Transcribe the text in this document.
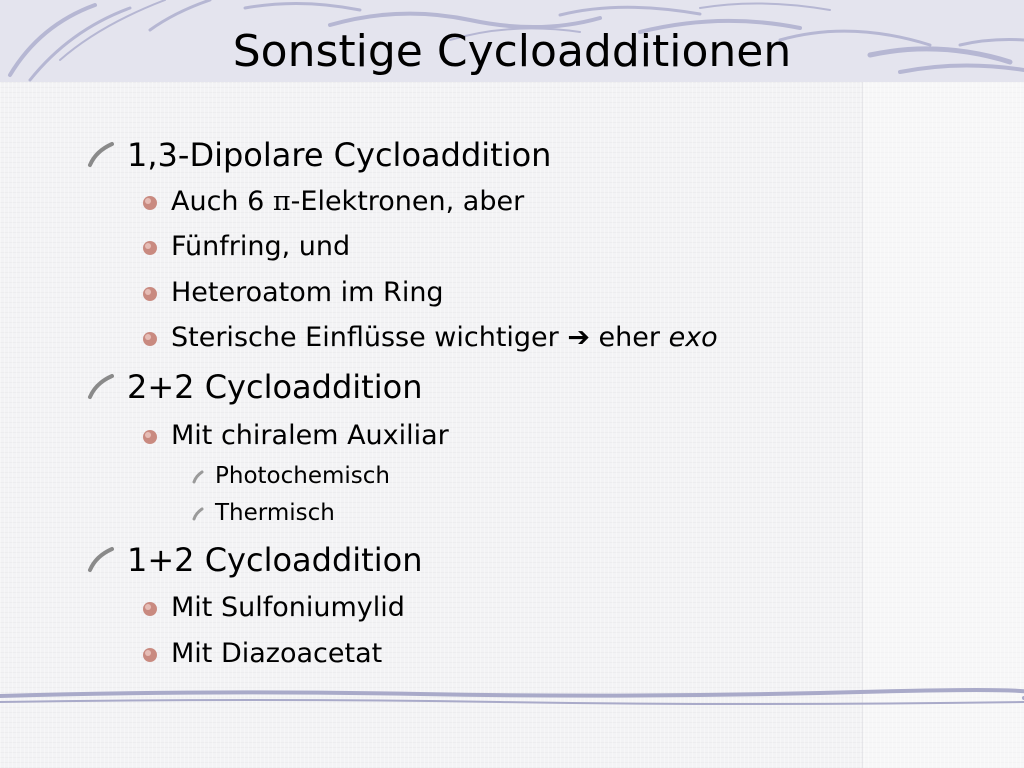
Sonstige Cycloadditionen
1,3-Dipolare Cycloaddition
Auch 6 π-Elektronen, aber
Fünfring, und
Heteroatom im Ring
Sterische Einflüsse wichtiger ➔ eher exo
2+2 Cycloaddition
Mit chiralem Auxiliar
Photochemisch
Thermisch
1+2 Cycloaddition
Mit Sulfoniumylid
Mit Diazoacetat
